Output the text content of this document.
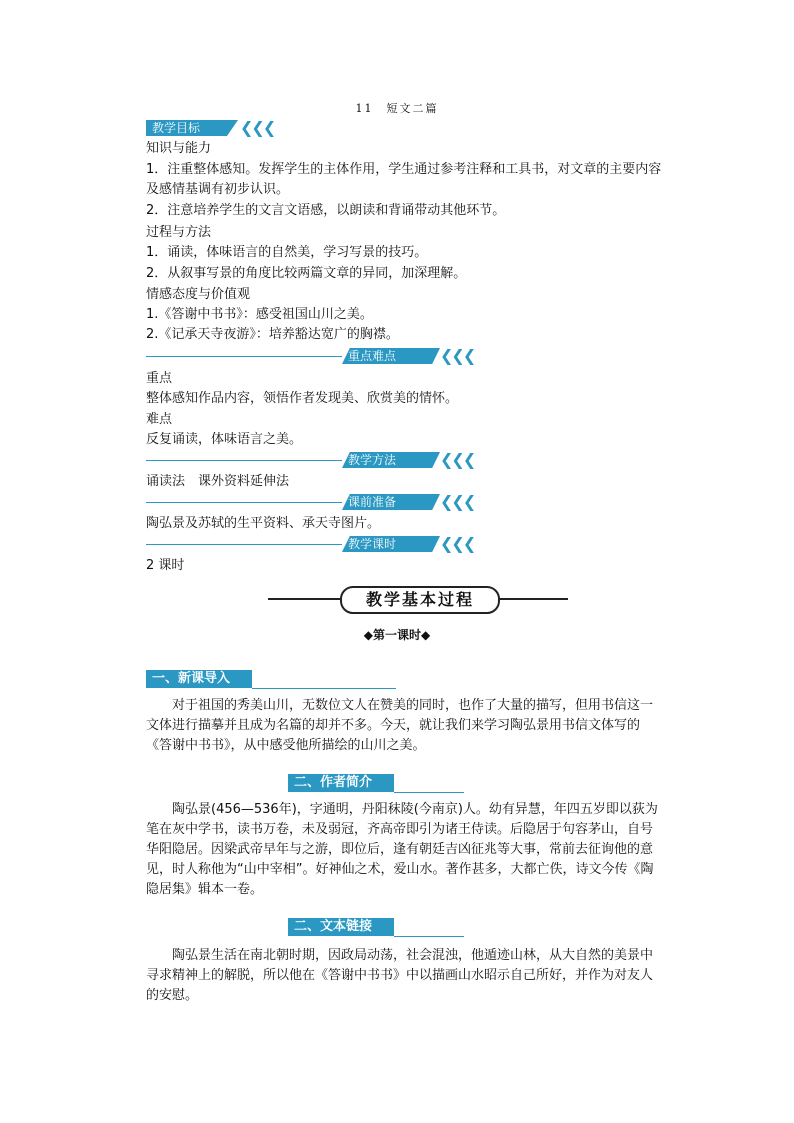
11　短文二篇
教学目标	❮❮❮
知识与能力
1．注重整体感知。发挥学生的主体作用，学生通过参考注释和工具书，对文章的主要内容及感情基调有初步认识。
2．注意培养学生的文言文语感，以朗读和背诵带动其他环节。
过程与方法
1．诵读，体味语言的自然美，学习写景的技巧。
2．从叙事写景的角度比较两篇文章的异同，加深理解。
情感态度与价值观
1.《答谢中书书》：感受祖国山川之美。
2.《记承天寺夜游》：培养豁达宽广的胸襟。
重点难点	❮❮❮
重点
整体感知作品内容，领悟作者发现美、欣赏美的情怀。
难点
反复诵读，体味语言之美。
教学方法	❮❮❮
诵读法　课外资料延伸法
课前准备	❮❮❮
陶弘景及苏轼的生平资料、承天寺图片。
教学课时	❮❮❮
2 课时
教学基本过程
◆第一课时◆
一、新课导入
对于祖国的秀美山川，无数位文人在赞美的同时，也作了大量的描写，但用书信这一文体进行描摹并且成为名篇的却并不多。今天，就让我们来学习陶弘景用书信文体写的《答谢中书书》，从中感受他所描绘的山川之美。
二、作者简介
陶弘景(456—536年)，字通明，丹阳秣陵(今南京)人。幼有异慧，年四五岁即以荻为笔在灰中学书，读书万卷，未及弱冠，齐高帝即引为诸王侍读。后隐居于句容茅山，自号华阳隐居。因梁武帝早年与之游，即位后，逢有朝廷吉凶征兆等大事，常前去征询他的意见，时人称他为“山中宰相”。好神仙之术，爱山水。著作甚多，大都亡佚，诗文今传《陶隐居集》辑本一卷。
二、文本链接
陶弘景生活在南北朝时期，因政局动荡，社会混浊，他遁迹山林，从大自然的美景中寻求精神上的解脱，所以他在《答谢中书书》中以描画山水昭示自己所好，并作为对友人的安慰。
